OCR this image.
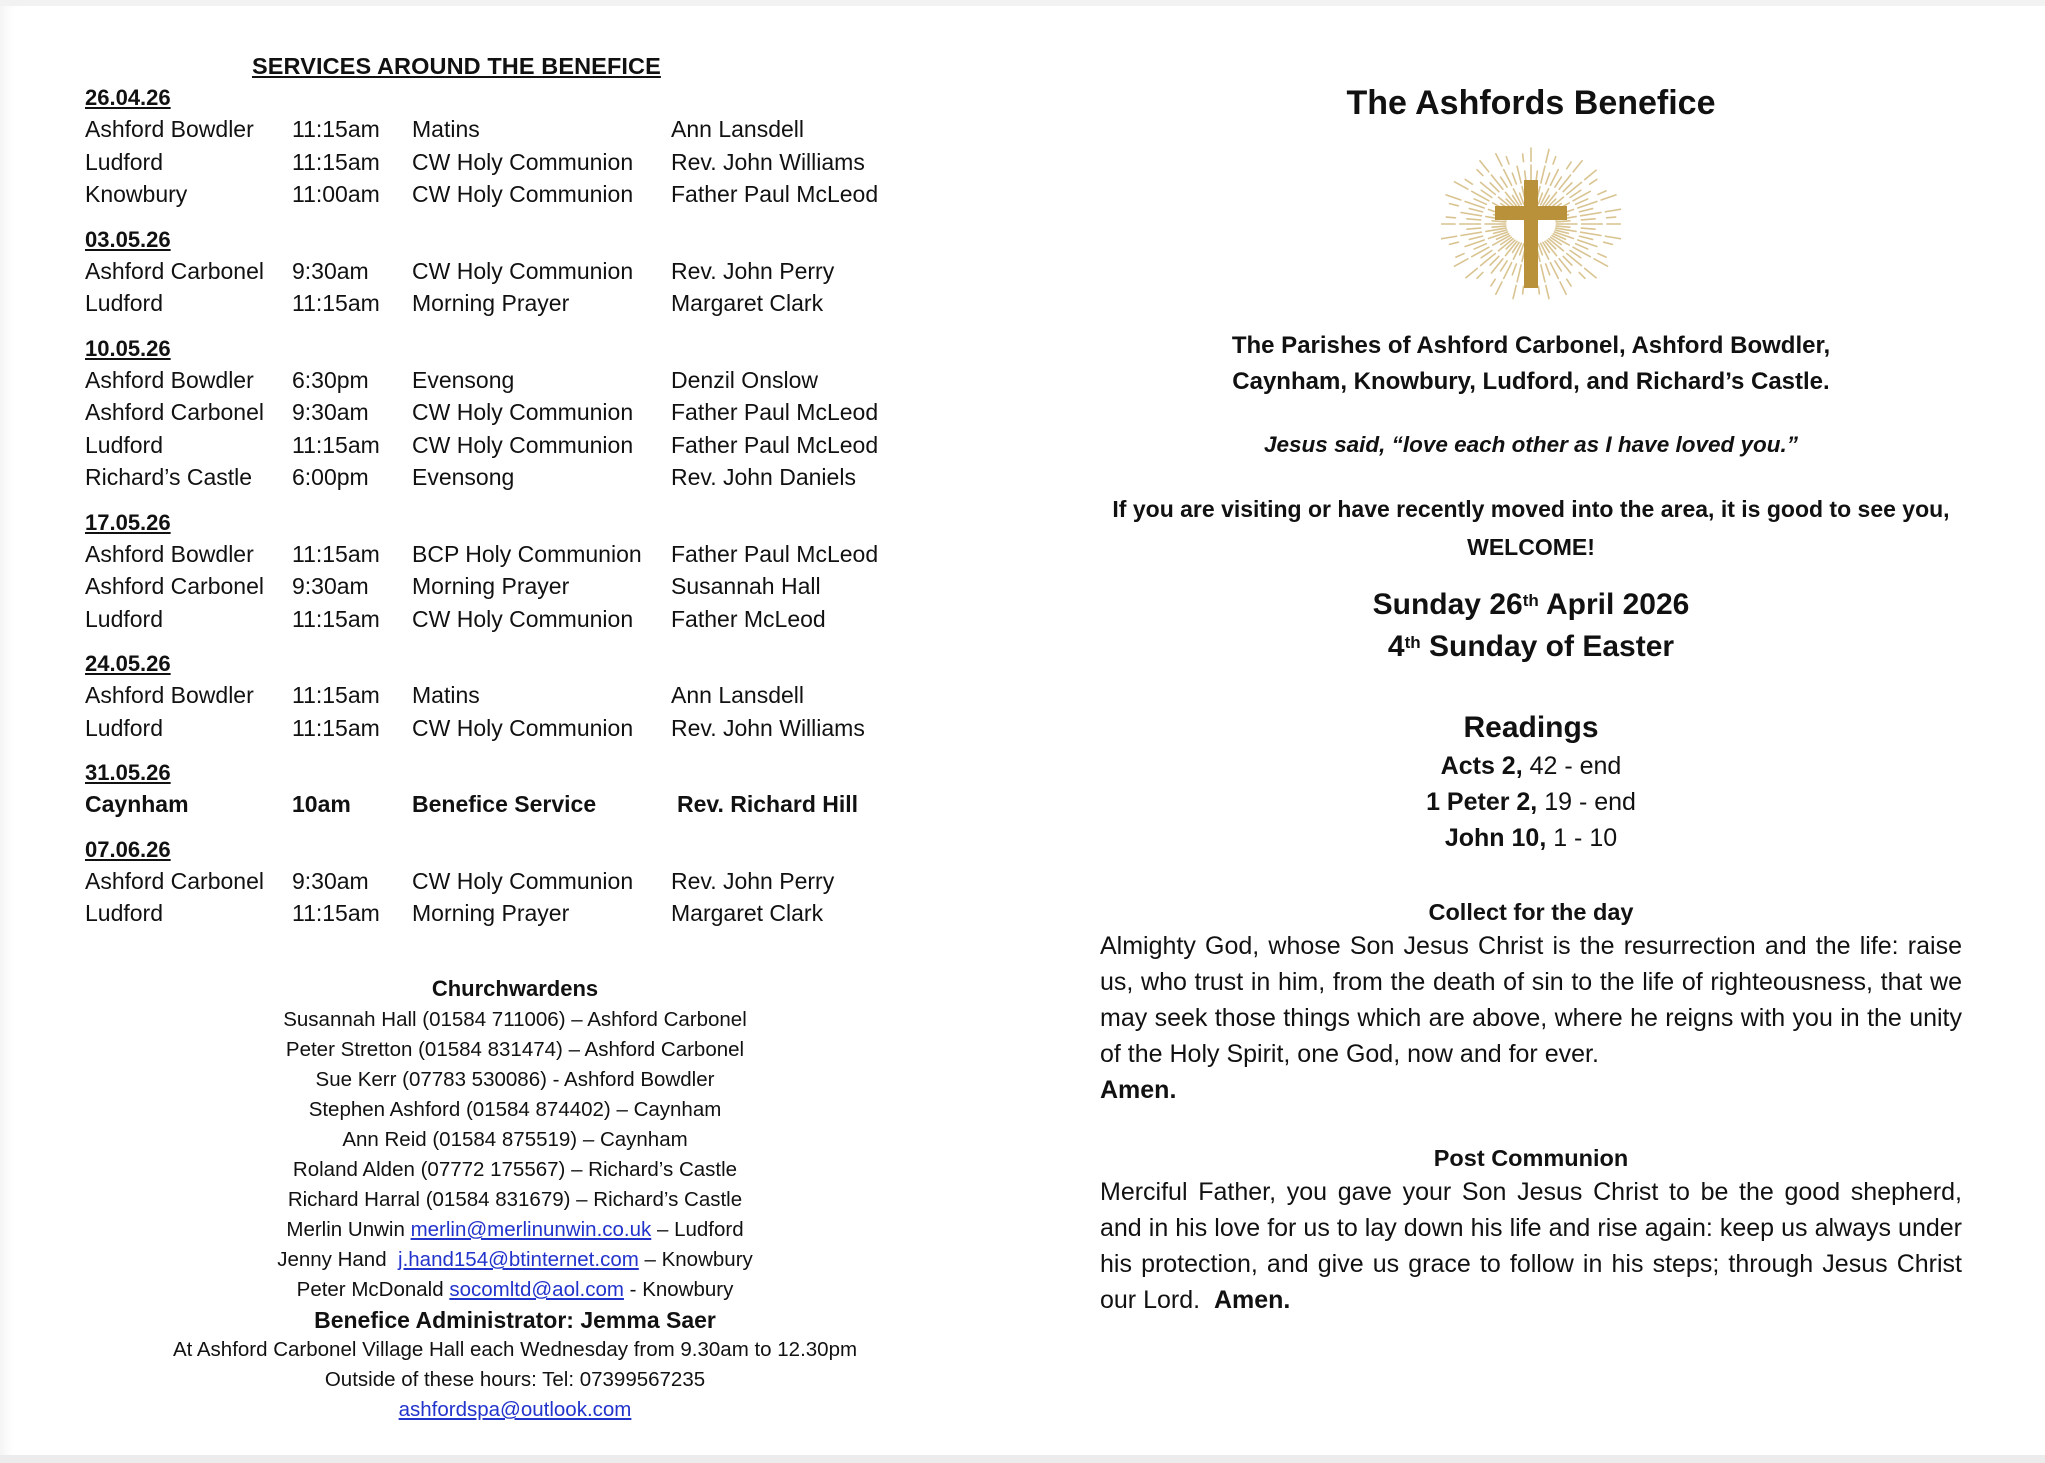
SERVICES AROUND THE BENEFICE
26.04.26
Ashford Bowdler	11:15am	Matins	Ann Lansdell
Ludford	11:15am	CW Holy Communion	Rev. John Williams
Knowbury	11:00am	CW Holy Communion	Father Paul McLeod
03.05.26
Ashford Carbonel	9:30am	CW Holy Communion	Rev. John Perry
Ludford	11:15am	Morning Prayer	Margaret Clark
10.05.26
Ashford Bowdler	6:30pm	Evensong	Denzil Onslow
Ashford Carbonel	9:30am	CW Holy Communion	Father Paul McLeod
Ludford	11:15am	CW Holy Communion	Father Paul McLeod
Richard’s Castle	6:00pm	Evensong	Rev. John Daniels
17.05.26
Ashford Bowdler	11:15am	BCP Holy Communion	Father Paul McLeod
Ashford Carbonel	9:30am	Morning Prayer	Susannah Hall
Ludford	11:15am	CW Holy Communion	Father McLeod
24.05.26
Ashford Bowdler	11:15am	Matins	Ann Lansdell
Ludford	11:15am	CW Holy Communion	Rev. John Williams
31.05.26
Caynham	10am	Benefice Service	Rev. Richard Hill
07.06.26
Ashford Carbonel	9:30am	CW Holy Communion	Rev. John Perry
Ludford	11:15am	Morning Prayer	Margaret Clark
Churchwardens
Susannah Hall (01584 711006) – Ashford Carbonel
Peter Stretton (01584 831474) – Ashford Carbonel
Sue Kerr (07783 530086) - Ashford Bowdler
Stephen Ashford (01584 874402) – Caynham
Ann Reid (01584 875519) – Caynham
Roland Alden (07772 175567) – Richard’s Castle
Richard Harral (01584 831679) – Richard’s Castle
Merlin Unwin merlin@merlinunwin.co.uk – Ludford
Jenny Hand j.hand154@btinternet.com – Knowbury
Peter McDonald socomltd@aol.com - Knowbury
Benefice Administrator: Jemma Saer
At Ashford Carbonel Village Hall each Wednesday from 9.30am to 12.30pm
Outside of these hours: Tel: 07399567235
ashfordspa@outlook.com
The Ashfords Benefice
The Parishes of Ashford Carbonel, Ashford Bowdler,
Caynham, Knowbury, Ludford, and Richard’s Castle.
Jesus said, “love each other as I have loved you.”
If you are visiting or have recently moved into the area, it is good to see you,
WELCOME!
Sunday 26th April 2026
4th Sunday of Easter
Readings
Acts 2, 42 - end
1 Peter 2, 19 - end
John 10, 1 - 10
Collect for the day
Almighty God, whose Son Jesus Christ is the resurrection and the life: raise us, who trust in him, from the death of sin to the life of righteousness, that we may seek those things which are above, where he reigns with you in the unity of the Holy Spirit, one God, now and for ever.
Amen.
Post Communion
Merciful Father, you gave your Son Jesus Christ to be the good shepherd, and in his love for us to lay down his life and rise again: keep us always under his protection, and give us grace to follow in his steps; through Jesus Christ our Lord. Amen.
